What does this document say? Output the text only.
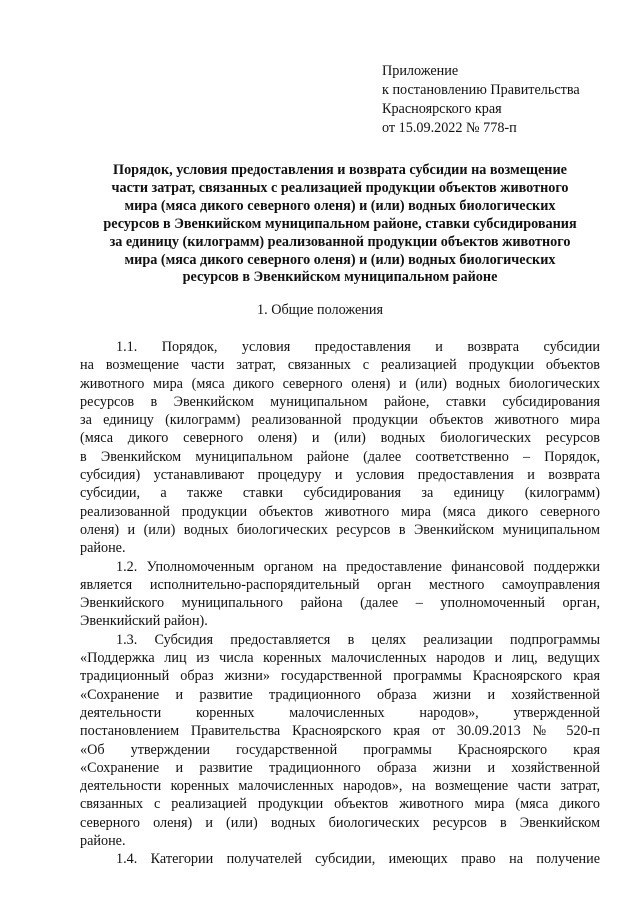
Приложение
к постановлению Правительства
Красноярского края
от 15.09.2022 № 778-п
Порядок, условия предоставления и возврата субсидии на возмещение
части затрат, связанных с реализацией продукции объектов животного
мира (мяса дикого северного оленя) и (или) водных биологических
ресурсов в Эвенкийском муниципальном районе, ставки субсидирования
за единицу (килограмм) реализованной продукции объектов животного
мира (мяса дикого северного оленя) и (или) водных биологических
ресурсов в Эвенкийском муниципальном районе
1. Общие положения

1.1. Порядок, условия предоставления и возврата субсидии
на возмещение части затрат, связанных с реализацией продукции объектов
животного мира (мяса дикого северного оленя) и (или) водных биологических
ресурсов в Эвенкийском муниципальном районе, ставки субсидирования
за единицу (килограмм) реализованной продукции объектов животного мира
(мяса дикого северного оленя) и (или) водных биологических ресурсов
в Эвенкийском муниципальном районе (далее соответственно – Порядок,
субсидия) устанавливают процедуру и условия предоставления и возврата
субсидии, а также ставки субсидирования за единицу (килограмм)
реализованной продукции объектов животного мира (мяса дикого северного
оленя) и (или) водных биологических ресурсов в Эвенкийском муниципальном
районе.

1.2. Уполномоченным органом на предоставление финансовой поддержки
является исполнительно-распорядительный орган местного самоуправления
Эвенкийского муниципального района (далее – уполномоченный орган,
Эвенкийский район).

1.3. Субсидия предоставляется в целях реализации подпрограммы
«Поддержка лиц из числа коренных малочисленных народов и лиц, ведущих
традиционный образ жизни» государственной программы Красноярского края
«Сохранение и развитие традиционного образа жизни и хозяйственной
деятельности коренных малочисленных народов», утвержденной
постановлением Правительства Красноярского края от 30.09.2013 № 520-п
«Об утверждении государственной программы Красноярского края
«Сохранение и развитие традиционного образа жизни и хозяйственной
деятельности коренных малочисленных народов», на возмещение части затрат,
связанных с реализацией продукции объектов животного мира (мяса дикого
северного оленя) и (или) водных биологических ресурсов в Эвенкийском
районе.

1.4. Категории получателей субсидии, имеющих право на получение
